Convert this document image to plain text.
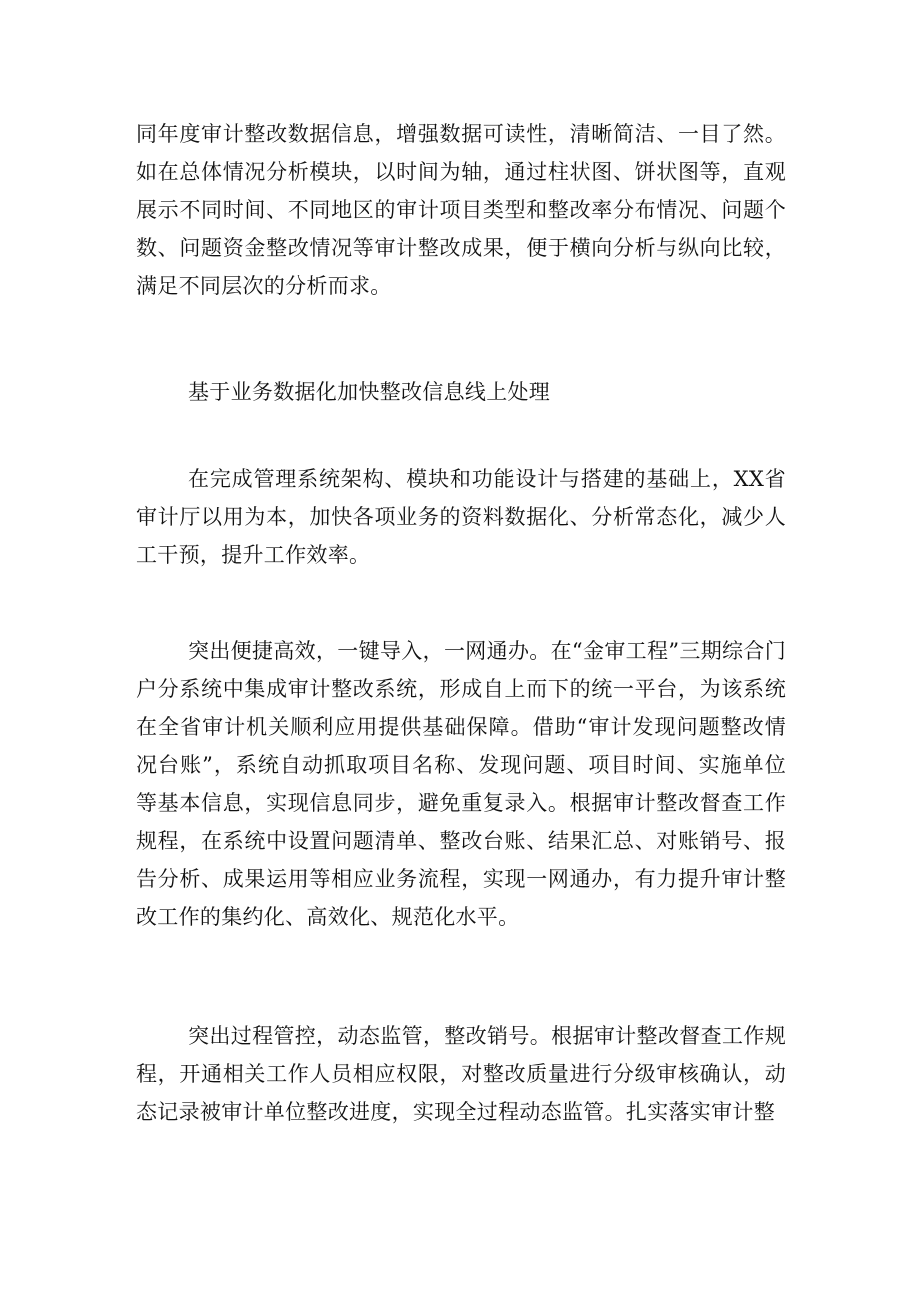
同年度审计整改数据信息，增强数据可读性，清晰简洁、一目了然。如在总体情况分析模块，以时间为轴，通过柱状图、饼状图等，直观展示不同时间、不同地区的审计项目类型和整改率分布情况、问题个数、问题资金整改情况等审计整改成果，便于横向分析与纵向比较，满足不同层次的分析而求。

基于业务数据化加快整改信息线上处理

在完成管理系统架构、模块和功能设计与搭建的基础上，XX省审计厅以用为本，加快各项业务的资料数据化、分析常态化，减少人工干预，提升工作效率。

突出便捷高效，一键导入，一网通办。在“金审工程”三期综合门户分系统中集成审计整改系统，形成自上而下的统一平台，为该系统在全省审计机关顺利应用提供基础保障。借助“审计发现问题整改情况台账”，系统自动抓取项目名称、发现问题、项目时间、实施单位等基本信息，实现信息同步，避免重复录入。根据审计整改督查工作规程，在系统中设置问题清单、整改台账、结果汇总、对账销号、报告分析、成果运用等相应业务流程，实现一网通办，有力提升审计整改工作的集约化、高效化、规范化水平。

突出过程管控，动态监管，整改销号。根据审计整改督查工作规程，开通相关工作人员相应权限，对整改质量进行分级审核确认，动态记录被审计单位整改进度，实现全过程动态监管。扎实落实审计整
